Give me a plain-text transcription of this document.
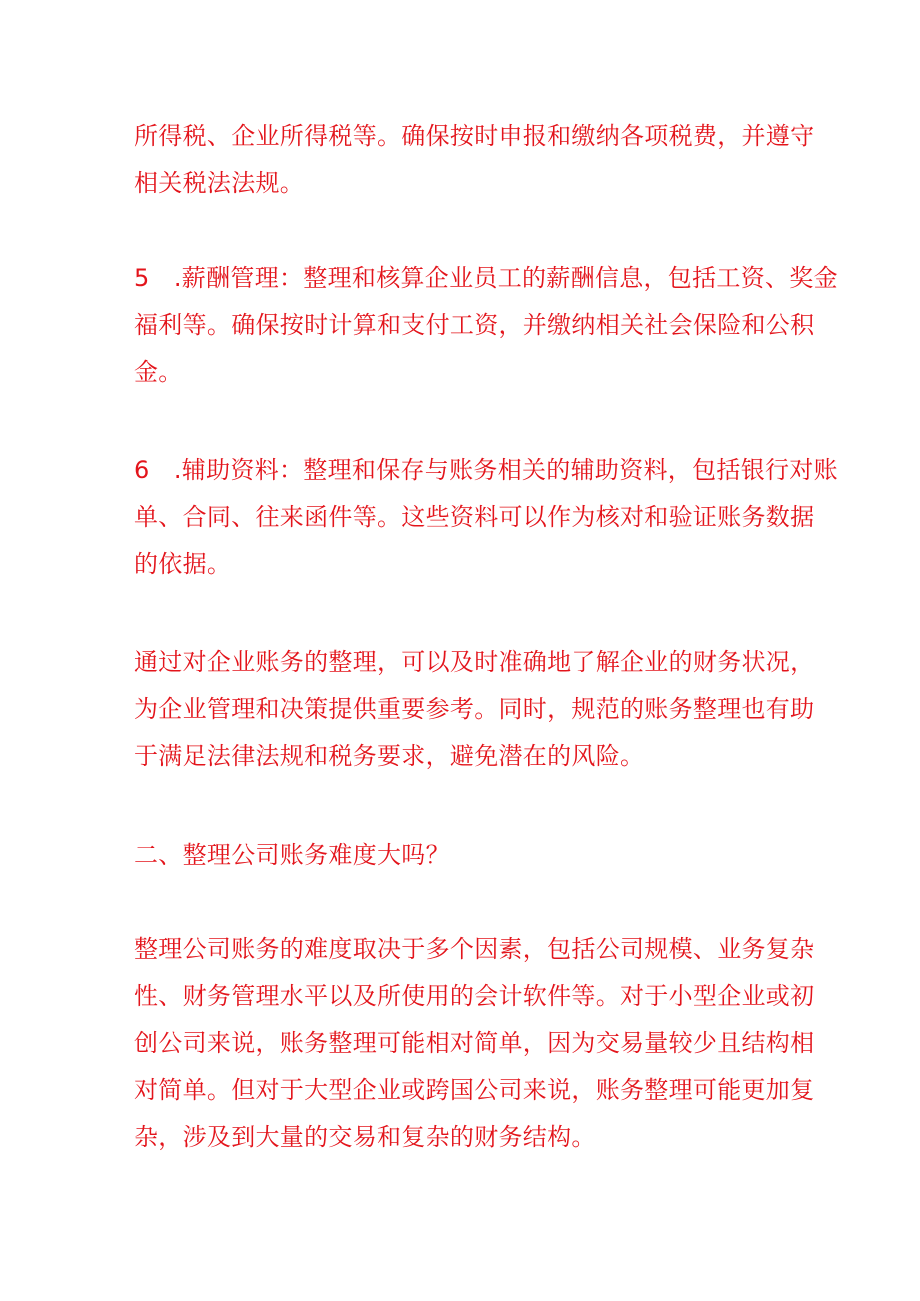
所得税、企业所得税等。确保按时申报和缴纳各项税费，并遵守
相关税法法规。

5　.薪酬管理：整理和核算企业员工的薪酬信息，包括工资、奖金
福利等。确保按时计算和支付工资，并缴纳相关社会保险和公积
金。

6　.辅助资料：整理和保存与账务相关的辅助资料，包括银行对账
单、合同、往来函件等。这些资料可以作为核对和验证账务数据
的依据。

通过对企业账务的整理，可以及时准确地了解企业的财务状况，
为企业管理和决策提供重要参考。同时，规范的账务整理也有助
于满足法律法规和税务要求，避免潜在的风险。

二、整理公司账务难度大吗？

整理公司账务的难度取决于多个因素，包括公司规模、业务复杂
性、财务管理水平以及所使用的会计软件等。对于小型企业或初
创公司来说，账务整理可能相对简单，因为交易量较少且结构相
对简单。但对于大型企业或跨国公司来说，账务整理可能更加复
杂，涉及到大量的交易和复杂的财务结构。
